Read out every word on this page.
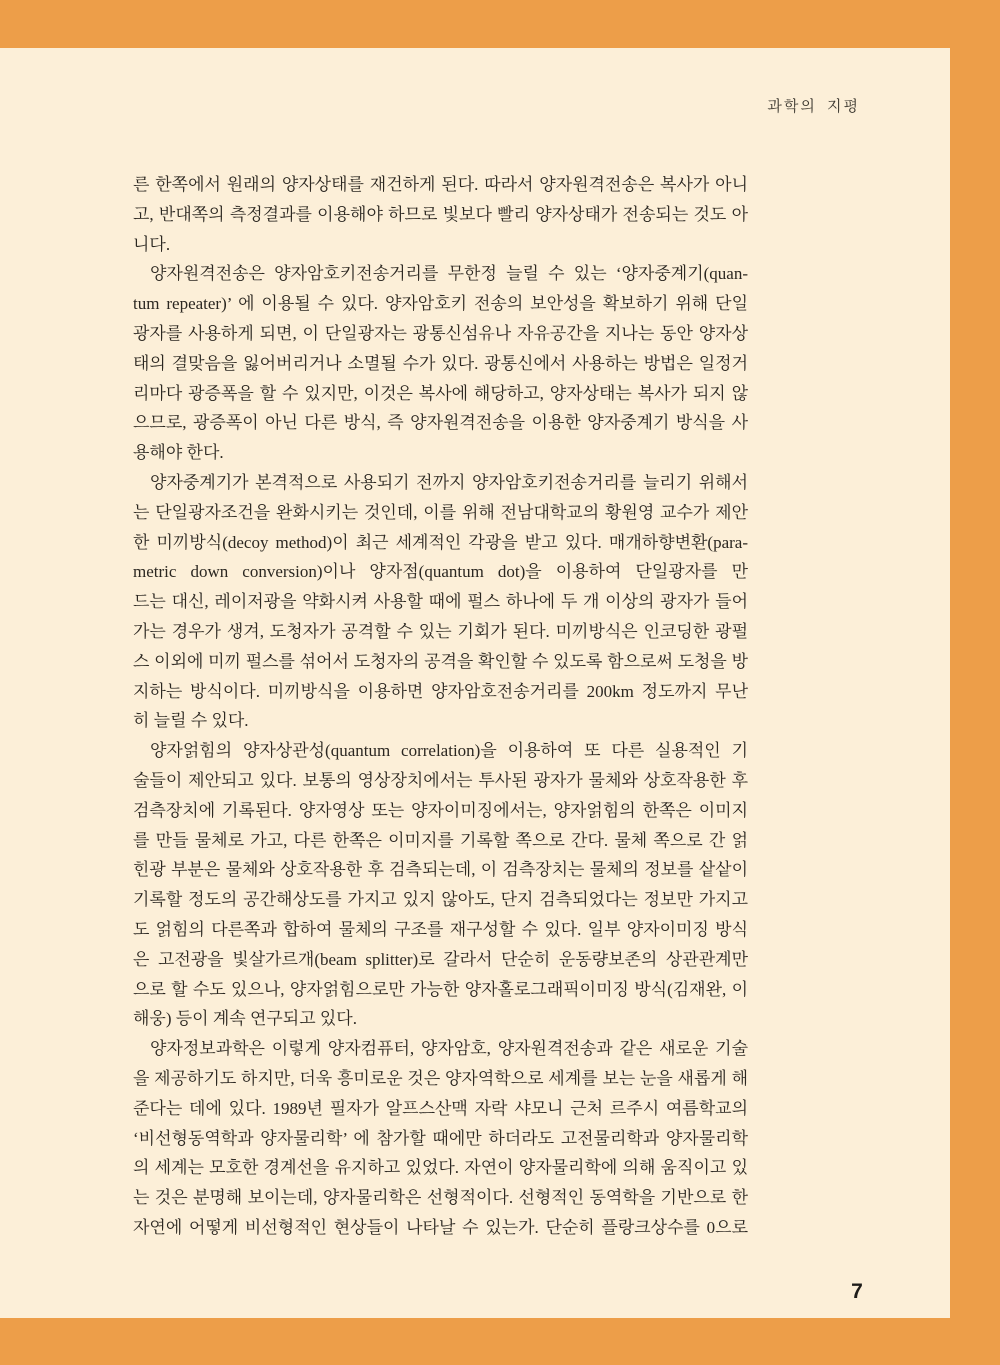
과학의 지평
른 한쪽에서 원래의 양자상태를 재건하게 된다. 따라서 양자원격전송은 복사가 아니
고, 반대쪽의 측정결과를 이용해야 하므로 빛보다 빨리 양자상태가 전송되는 것도 아
니다.
양자원격전송은 양자암호키전송거리를 무한정 늘릴 수 있는 ‘양자중계기(quan-
tum repeater)’ 에 이용될 수 있다. 양자암호키 전송의 보안성을 확보하기 위해 단일
광자를 사용하게 되면, 이 단일광자는 광통신섬유나 자유공간을 지나는 동안 양자상
태의 결맞음을 잃어버리거나 소멸될 수가 있다. 광통신에서 사용하는 방법은 일정거
리마다 광증폭을 할 수 있지만, 이것은 복사에 해당하고, 양자상태는 복사가 되지 않
으므로, 광증폭이 아닌 다른 방식, 즉 양자원격전송을 이용한 양자중계기 방식을 사
용해야 한다.
양자중계기가 본격적으로 사용되기 전까지 양자암호키전송거리를 늘리기 위해서
는 단일광자조건을 완화시키는 것인데, 이를 위해 전남대학교의 황원영 교수가 제안
한 미끼방식(decoy method)이 최근 세계적인 각광을 받고 있다. 매개하향변환(para-
metric down conversion)이나 양자점(quantum dot)을 이용하여 단일광자를 만
드는 대신, 레이저광을 약화시켜 사용할 때에 펄스 하나에 두 개 이상의 광자가 들어
가는 경우가 생겨, 도청자가 공격할 수 있는 기회가 된다. 미끼방식은 인코딩한 광펄
스 이외에 미끼 펄스를 섞어서 도청자의 공격을 확인할 수 있도록 함으로써 도청을 방
지하는 방식이다. 미끼방식을 이용하면 양자암호전송거리를 200km 정도까지 무난
히 늘릴 수 있다.
양자얽힘의 양자상관성(quantum correlation)을 이용하여 또 다른 실용적인 기
술들이 제안되고 있다. 보통의 영상장치에서는 투사된 광자가 물체와 상호작용한 후
검측장치에 기록된다. 양자영상 또는 양자이미징에서는, 양자얽힘의 한쪽은 이미지
를 만들 물체로 가고, 다른 한쪽은 이미지를 기록할 쪽으로 간다. 물체 쪽으로 간 얽
힌광 부분은 물체와 상호작용한 후 검측되는데, 이 검측장치는 물체의 정보를 샅샅이
기록할 정도의 공간해상도를 가지고 있지 않아도, 단지 검측되었다는 정보만 가지고
도 얽힘의 다른쪽과 합하여 물체의 구조를 재구성할 수 있다. 일부 양자이미징 방식
은 고전광을 빛살가르개(beam splitter)로 갈라서 단순히 운동량보존의 상관관계만
으로 할 수도 있으나, 양자얽힘으로만 가능한 양자홀로그래픽이미징 방식(김재완, 이
해웅) 등이 계속 연구되고 있다.
양자정보과학은 이렇게 양자컴퓨터, 양자암호, 양자원격전송과 같은 새로운 기술
을 제공하기도 하지만, 더욱 흥미로운 것은 양자역학으로 세계를 보는 눈을 새롭게 해
준다는 데에 있다. 1989년 필자가 알프스산맥 자락 샤모니 근처 르주시 여름학교의
‘비선형동역학과 양자물리학’ 에 참가할 때에만 하더라도 고전물리학과 양자물리학
의 세계는 모호한 경계선을 유지하고 있었다. 자연이 양자물리학에 의해 움직이고 있
는 것은 분명해 보이는데, 양자물리학은 선형적이다. 선형적인 동역학을 기반으로 한
자연에 어떻게 비선형적인 현상들이 나타날 수 있는가. 단순히 플랑크상수를 0으로
7
